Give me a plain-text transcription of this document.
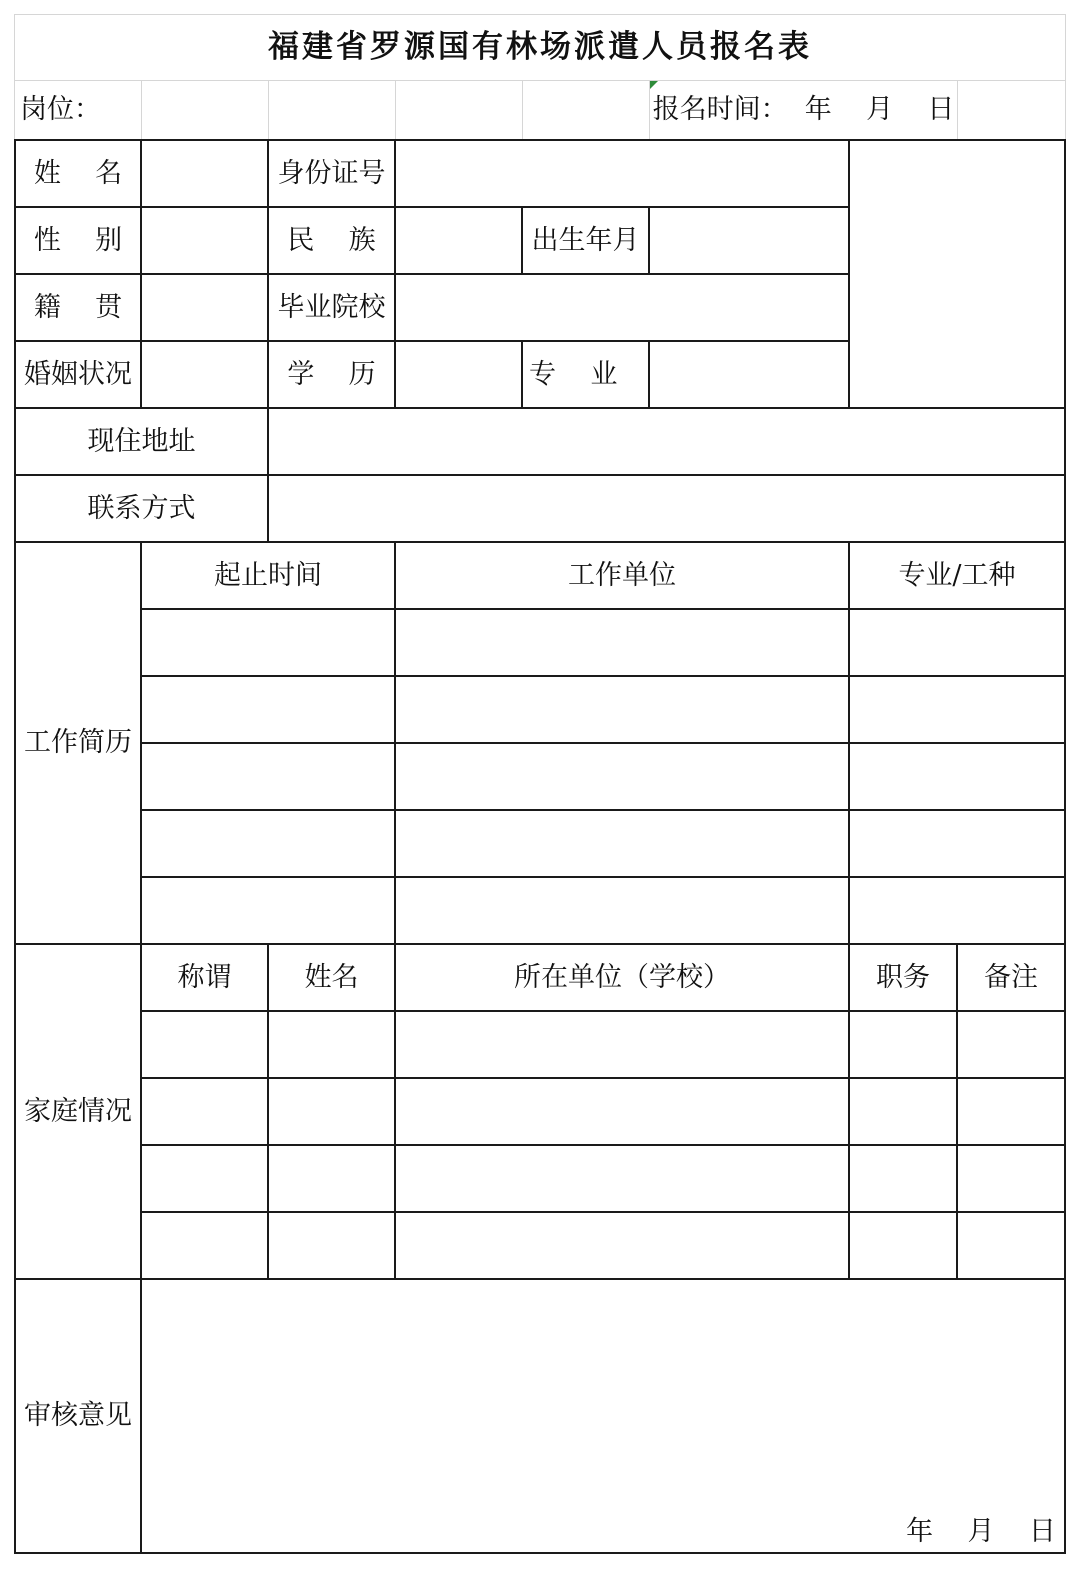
福建省罗源国有林场派遣人员报名表
岗位：	报名时间：  年    月    日
姓    名	身份证号
性    别	民    族	出生年月
籍    贯	毕业院校
婚姻状况	学    历	专    业
现住地址
联系方式
工作简历
起止时间	工作单位	专业/工种
家庭情况
称谓	姓名	所在单位（学校）	职务	备注
审核意见
年    月    日
